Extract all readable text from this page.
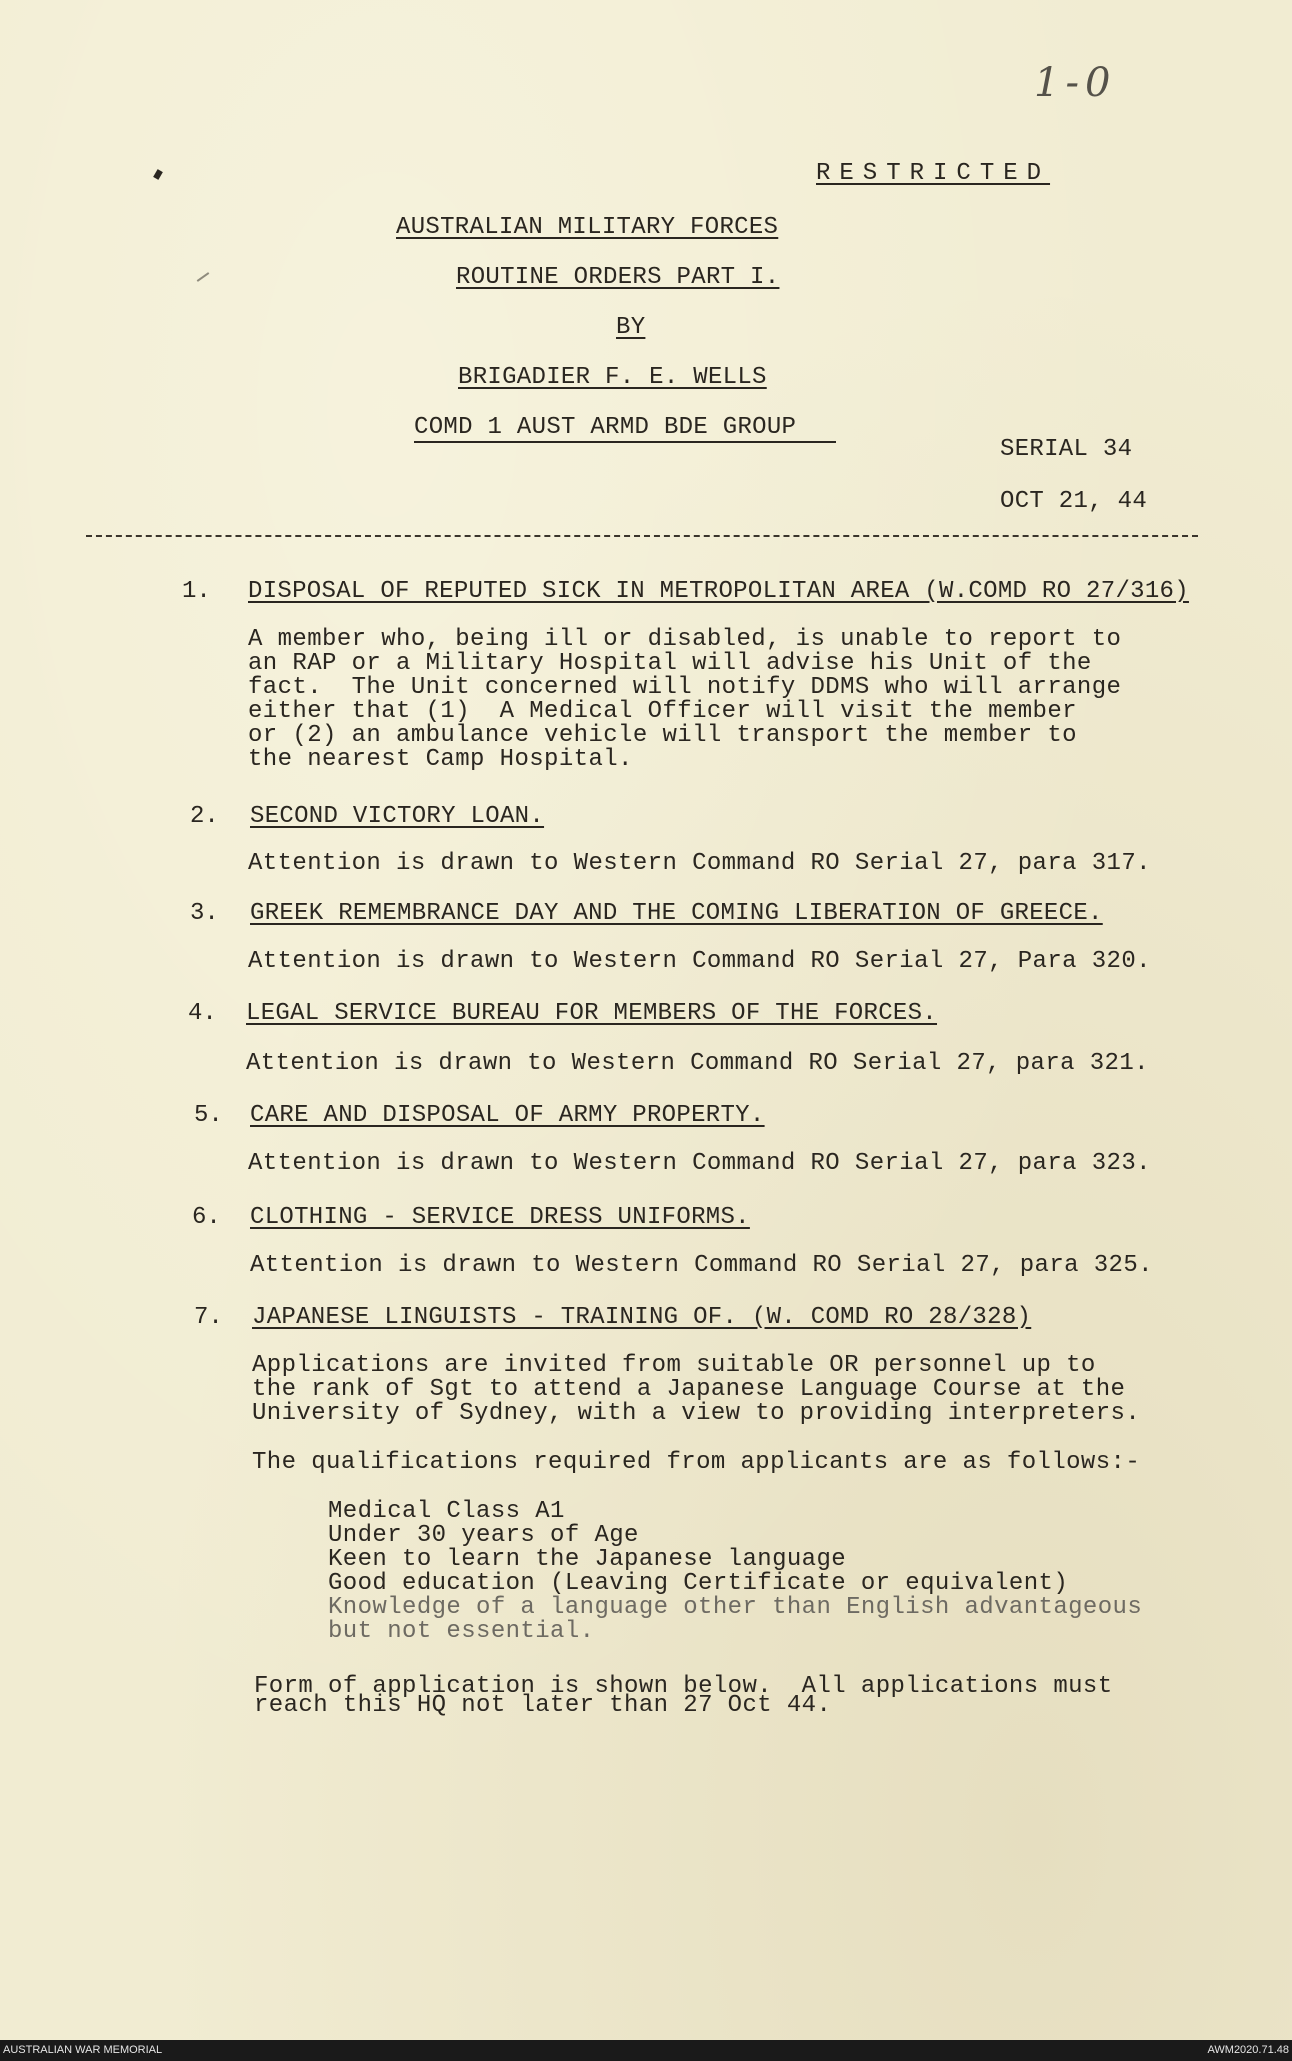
1-0
RESTRICTED
AUSTRALIAN MILITARY FORCES
ROUTINE ORDERS PART I.
BY
BRIGADIER F. E. WELLS
COMD 1 AUST ARMD BDE GROUP
SERIAL 34
OCT 21, 44
1. DISPOSAL OF REPUTED SICK IN METROPOLITAN AREA (W.COMD RO 27/316)
A member who, being ill or disabled, is unable to report to
an RAP or a Military Hospital will advise his Unit of the
fact.  The Unit concerned will notify DDMS who will arrange
either that (1)  A Medical Officer will visit the member
or (2) an ambulance vehicle will transport the member to
the nearest Camp Hospital.
2. SECOND VICTORY LOAN.
Attention is drawn to Western Command RO Serial 27, para 317.
3. GREEK REMEMBRANCE DAY AND THE COMING LIBERATION OF GREECE.
Attention is drawn to Western Command RO Serial 27, Para 320.
4. LEGAL SERVICE BUREAU FOR MEMBERS OF THE FORCES.
Attention is drawn to Western Command RO Serial 27, para 321.
5. CARE AND DISPOSAL OF ARMY PROPERTY.
Attention is drawn to Western Command RO Serial 27, para 323.
6. CLOTHING - SERVICE DRESS UNIFORMS.
Attention is drawn to Western Command RO Serial 27, para 325.
7. JAPANESE LINGUISTS - TRAINING OF. (W. COMD RO 28/328)
Applications are invited from suitable OR personnel up to
the rank of Sgt to attend a Japanese Language Course at the
University of Sydney, with a view to providing interpreters.
The qualifications required from applicants are as follows:-
Medical Class A1
Under 30 years of Age
Keen to learn the Japanese language
Good education (Leaving Certificate or equivalent)
Knowledge of a language other than English advantageous
but not essential.
Form of application is shown below.  All applications must
reach this HQ not later than 27 Oct 44.
AUSTRALIAN WAR MEMORIAL	AWM2020.71.48
